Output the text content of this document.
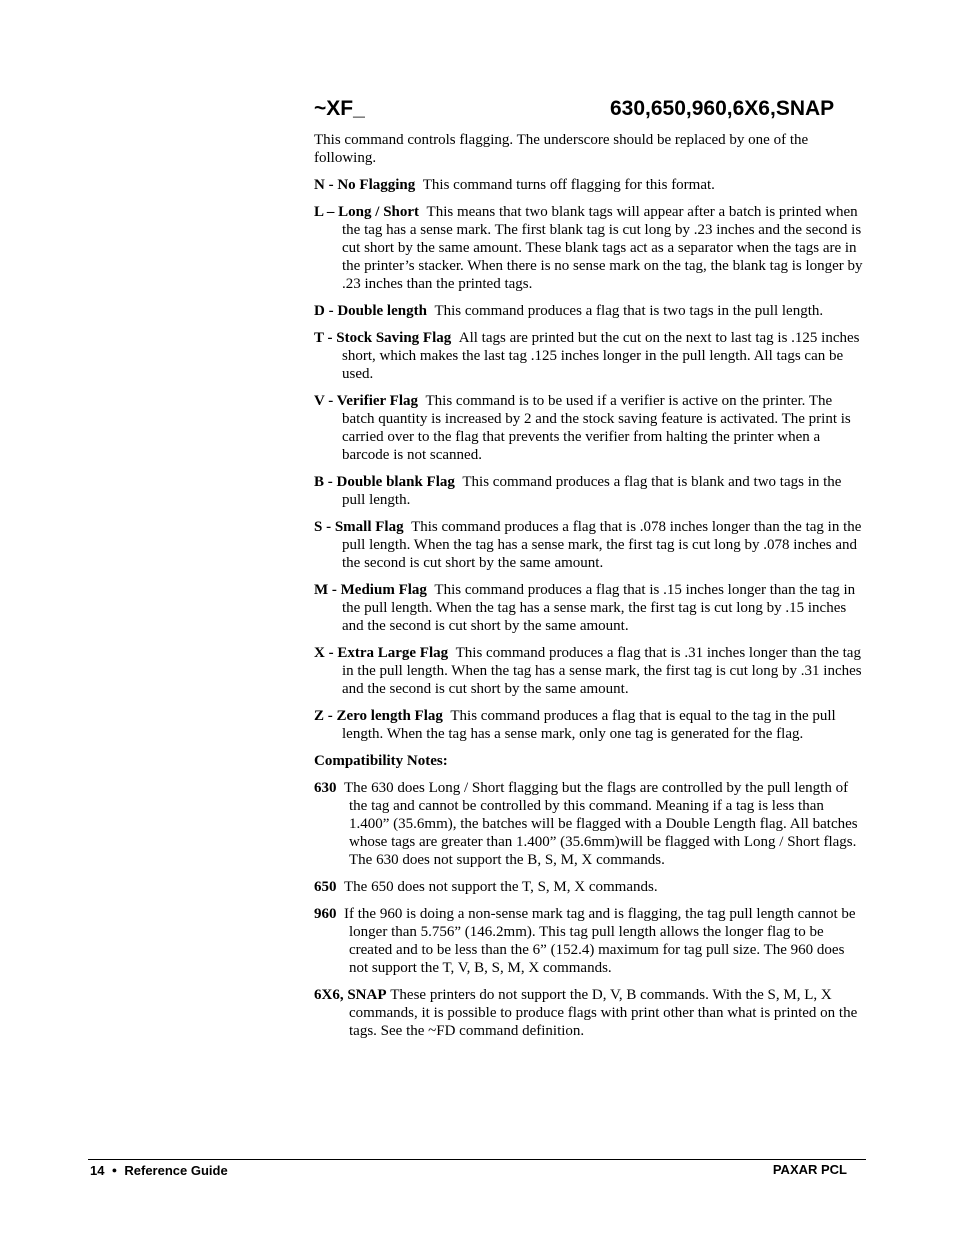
~XF_	630,650,960,6X6,SNAP

This command controls flagging. The underscore should be replaced by one of the following.

N - No Flagging This command turns off flagging for this format.

L – Long / Short This means that two blank tags will appear after a batch is printed when the tag has a sense mark. The first blank tag is cut long by .23 inches and the second is cut short by the same amount. These blank tags act as a separator when the tags are in the printer’s stacker. When there is no sense mark on the tag, the blank tag is longer by .23 inches than the printed tags.

D - Double length This command produces a flag that is two tags in the pull length.

T - Stock Saving Flag All tags are printed but the cut on the next to last tag is .125 inches short, which makes the last tag .125 inches longer in the pull length. All tags can be used.

V - Verifier Flag This command is to be used if a verifier is active on the printer. The batch quantity is increased by 2 and the stock saving feature is activated. The print is carried over to the flag that prevents the verifier from halting the printer when a barcode is not scanned.

B - Double blank Flag This command produces a flag that is blank and two tags in the pull length.

S - Small Flag This command produces a flag that is .078 inches longer than the tag in the pull length. When the tag has a sense mark, the first tag is cut long by .078 inches and the second is cut short by the same amount.

M - Medium Flag This command produces a flag that is .15 inches longer than the tag in the pull length. When the tag has a sense mark, the first tag is cut long by .15 inches and the second is cut short by the same amount.

X - Extra Large Flag This command produces a flag that is .31 inches longer than the tag in the pull length. When the tag has a sense mark, the first tag is cut long by .31 inches and the second is cut short by the same amount.

Z - Zero length Flag This command produces a flag that is equal to the tag in the pull length. When the tag has a sense mark, only one tag is generated for the flag.

Compatibility Notes:

630 The 630 does Long / Short flagging but the flags are controlled by the pull length of the tag and cannot be controlled by this command. Meaning if a tag is less than 1.400” (35.6mm), the batches will be flagged with a Double Length flag. All batches whose tags are greater than 1.400” (35.6mm)will be flagged with Long / Short flags. The 630 does not support the B, S, M, X commands.

650 The 650 does not support the T, S, M, X commands.

960 If the 960 is doing a non-sense mark tag and is flagging, the tag pull length cannot be longer than 5.756” (146.2mm). This tag pull length allows the longer flag to be created and to be less than the 6” (152.4) maximum for tag pull size. The 960 does not support the T, V, B, S, M, X commands.

6X6, SNAP These printers do not support the D, V, B commands. With the S, M, L, X commands, it is possible to produce flags with print other than what is printed on the tags. See the ~FD command definition.

14 ● Reference Guide	PAXAR PCL
